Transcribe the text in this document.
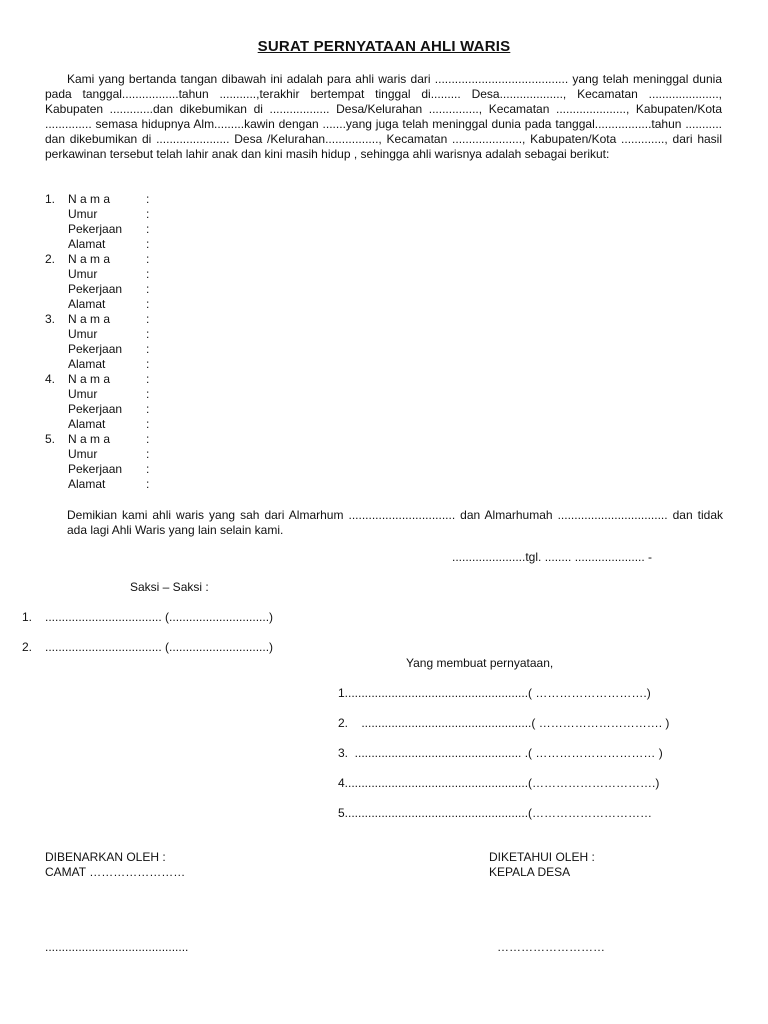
SURAT PERNYATAAN AHLI WARIS

Kami yang bertanda tangan dibawah ini adalah para ahli waris dari ........................................ yang telah meninggal dunia pada tanggal.................tahun ...........,terakhir bertempat tinggal di......... Desa..................., Kecamatan ....................., Kabupaten .............dan dikebumikan di .................. Desa/Kelurahan ..............., Kecamatan ....................., Kabupaten/Kota .............. semasa hidupnya Alm.........kawin dengan .......yang juga telah meninggal dunia pada tanggal.................tahun ........... dan dikebumikan di ...................... Desa /Kelurahan................, Kecamatan ....................., Kabupaten/Kota ............., dari hasil perkawinan tersebut telah lahir anak dan kini masih hidup , sehingga ahli warisnya adalah sebagai berikut:

1. N a m a	:
Umur	:
Pekerjaan :
Alamat	:
2. N a m a	:
Umur	:
Pekerjaan :
Alamat	:
3. N a m a	:
Umur	:
Pekerjaan :
Alamat	:
4. N a m a	:
Umur	:
Pekerjaan :
Alamat	:
5. N a m a	:
Umur	:
Pekerjaan :
Alamat	:

Demikian kami ahli waris yang sah dari Almarhum ................................ dan Almarhumah ................................. dan tidak ada lagi Ahli Waris yang lain selain kami.

......................tgl. ........ ..................... -
Saksi – Saksi :
1. ................................... (..............................)
2. ................................... (..............................)
Yang membuat pernyataan,
1.......................................................( ……………………….)
2.    ...................................................( …………………………. )
3.  .................................................. .( ………………………… )
4.......................................................(………………………….)
5.......................................................(…………………………
DIBENARKAN OLEH :
CAMAT ……………………
DIKETAHUI OLEH :
KEPALA DESA
...........................................	………………………
